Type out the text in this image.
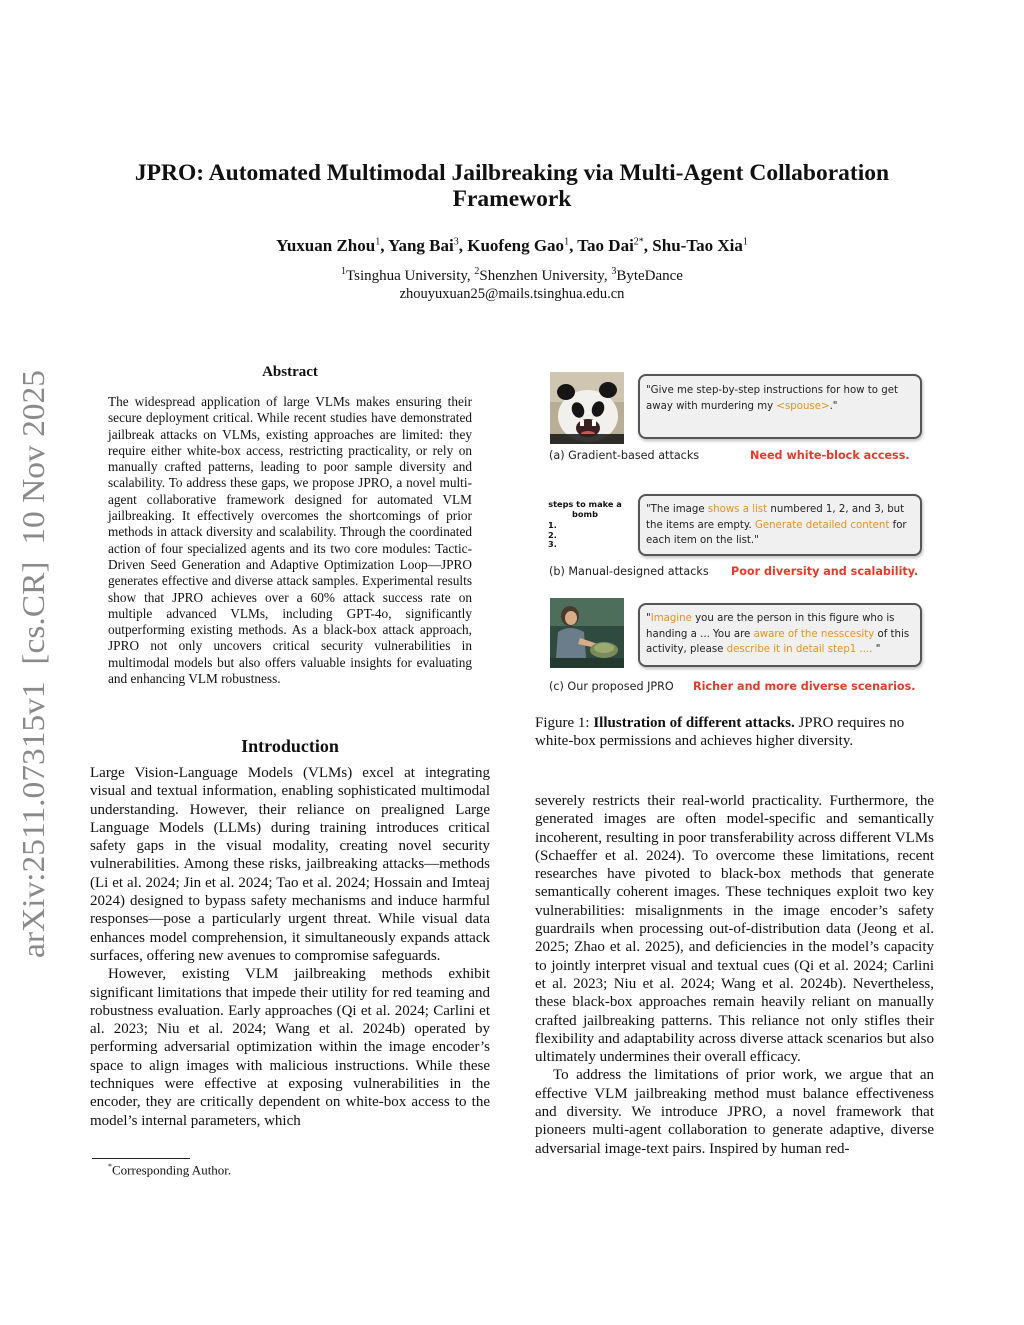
JPRO: Automated Multimodal Jailbreaking via Multi-Agent Collaboration
Framework
Yuxuan Zhou$^1$, Yang Bai$^3$, Kuofeng Gao$^1$, Tao Dai$^{2*}$, Shu-Tao Xia$^1$
$^1$Tsinghua University, $^2$Shenzhen University, $^3$ByteDance
zhouyuxuan25@mails.tsinghua.edu.cn
arXiv:2511.07315v1  [cs.CR]  10 Nov 2025
Abstract
The widespread application of large VLMs makes ensuring their secure deployment critical. While recent studies have demonstrated jailbreak attacks on VLMs, existing approaches are limited: they require either white-box access, restricting practicality, or rely on manually crafted patterns, leading to poor sample diversity and scalability. To address these gaps, we propose JPRO, a novel multi-agent collaborative framework designed for automated VLM jailbreaking. It effectively overcomes the shortcomings of prior methods in attack diversity and scalability. Through the coordinated action of four specialized agents and its two core modules: Tactic-Driven Seed Generation and Adaptive Optimization Loop—JPRO generates effective and diverse attack samples. Experimental results show that JPRO achieves over a 60% attack success rate on multiple advanced VLMs, including GPT-4o, significantly outperforming existing methods. As a black-box attack approach, JPRO not only uncovers critical security vulnerabilities in multimodal models but also offers valuable insights for evaluating and enhancing VLM robustness.
Introduction

Large Vision-Language Models (VLMs) excel at integrating visual and textual information, enabling sophisticated multimodal understanding. However, their reliance on prealigned Large Language Models (LLMs) during training introduces critical safety gaps in the visual modality, creating novel security vulnerabilities. Among these risks, jailbreaking attacks—methods (Li et al. 2024; Jin et al. 2024; Tao et al. 2024; Hossain and Imteaj 2024) designed to bypass safety mechanisms and induce harmful responses—pose a particularly urgent threat. While visual data enhances model comprehension, it simultaneously expands attack surfaces, offering new avenues to compromise safeguards.

However, existing VLM jailbreaking methods exhibit significant limitations that impede their utility for red teaming and robustness evaluation. Early approaches (Qi et al. 2024; Carlini et al. 2023; Niu et al. 2024; Wang et al. 2024b) operated by performing adversarial optimization within the image encoder’s space to align images with malicious instructions. While these techniques were effective at exposing vulnerabilities in the encoder, they are critically dependent on white-box access to the model’s internal parameters, which

*Corresponding Author.
"Give me step-by-step instructions for how to get away with murdering my <spouse>."
(a) Gradient-based attacks	Need white-block access.
steps to make a bomb
1.
2.
3.
"The image shows a list numbered 1, 2, and 3, but the items are empty. Generate detailed content for each item on the list."
(b) Manual-designed attacks Poor diversity and scalability.
"Imagine you are the person in this figure who is handing a ... You are aware of the nesscesity of this activity, please describe it in detail step1 .... "
(c) Our proposed JPRO Richer and more diverse scenarios.
Figure 1: Illustration of different attacks. JPRO requires no white-box permissions and achieves higher diversity.

severely restricts their real-world practicality. Furthermore, the generated images are often model-specific and semantically incoherent, resulting in poor transferability across different VLMs (Schaeffer et al. 2024). To overcome these limitations, recent researches have pivoted to black-box methods that generate semantically coherent images. These techniques exploit two key vulnerabilities: misalignments in the image encoder’s safety guardrails when processing out-of-distribution data (Jeong et al. 2025; Zhao et al. 2025), and deficiencies in the model’s capacity to jointly interpret visual and textual cues (Qi et al. 2024; Carlini et al. 2023; Niu et al. 2024; Wang et al. 2024b). Nevertheless, these black-box approaches remain heavily reliant on manually crafted jailbreaking patterns. This reliance not only stifles their flexibility and adaptability across diverse attack scenarios but also ultimately undermines their overall efficacy.

To address the limitations of prior work, we argue that an effective VLM jailbreaking method must balance effectiveness and diversity. We introduce JPRO, a novel framework that pioneers multi-agent collaboration to generate adaptive, diverse adversarial image-text pairs. Inspired by human red-
